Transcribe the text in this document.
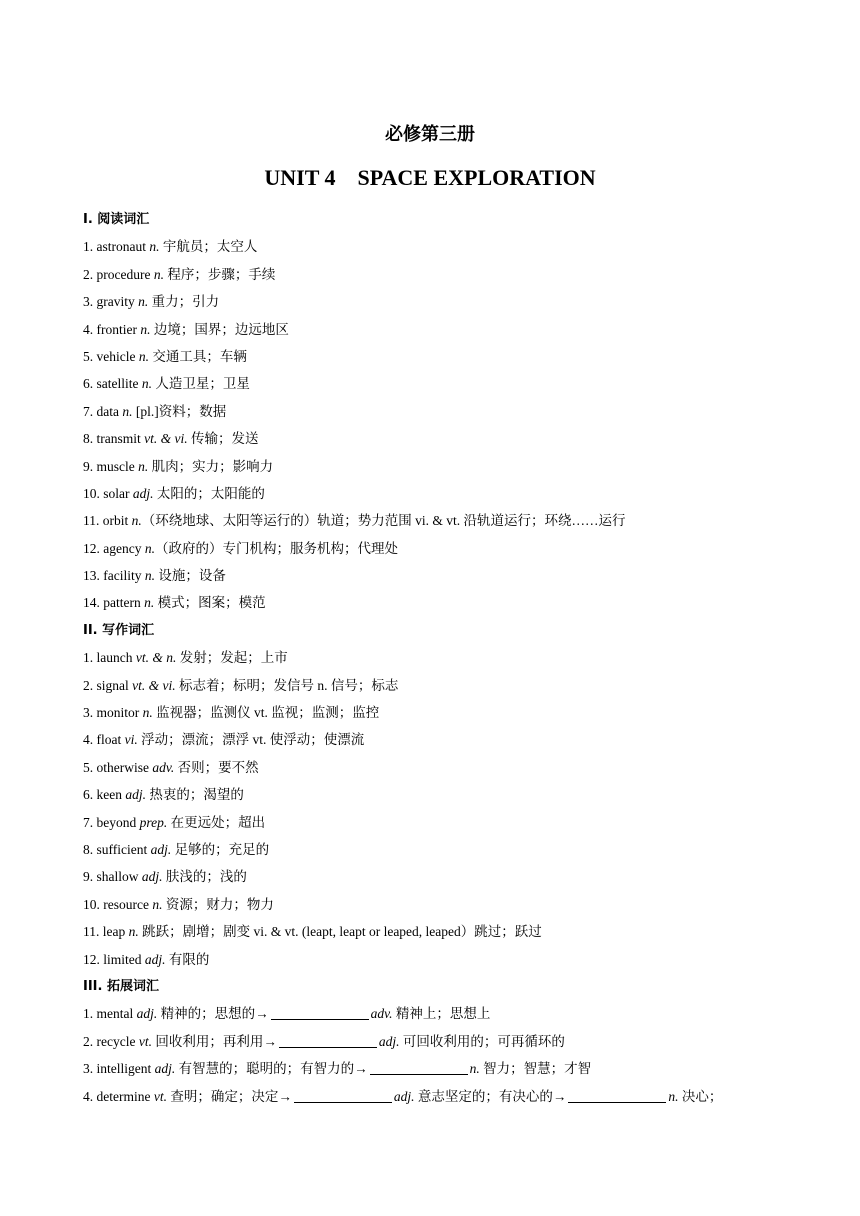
必修第三册
UNIT 4    SPACE EXPLORATION
I. 阅读词汇
1. astronaut n. 宇航员；太空人
2. procedure n. 程序；步骤；手续
3. gravity n. 重力；引力
4. frontier n. 边境；国界；边远地区
5. vehicle n. 交通工具；车辆
6. satellite n. 人造卫星；卫星
7. data n. [pl.]资料；数据
8. transmit vt. & vi. 传输；发送
9. muscle n. 肌肉；实力；影响力
10. solar adj. 太阳的；太阳能的
11. orbit n.（环绕地球、太阳等运行的）轨道；势力范围 vi. & vt. 沿轨道运行；环绕……运行
12. agency n.（政府的）专门机构；服务机构；代理处
13. facility n. 设施；设备
14. pattern n. 模式；图案；模范
II. 写作词汇
1. launch vt. & n. 发射；发起；上市
2. signal vt. & vi. 标志着；标明；发信号 n. 信号；标志
3. monitor n. 监视器；监测仪 vt. 监视；监测；监控
4. float vi. 浮动；漂流；漂浮 vt. 使浮动；使漂流
5. otherwise adv. 否则；要不然
6. keen adj. 热衷的；渴望的
7. beyond prep. 在更远处；超出
8. sufficient adj. 足够的；充足的
9. shallow adj. 肤浅的；浅的
10. resource n. 资源；财力；物力
11. leap n. 跳跃；剧增；剧变 vi. & vt. (leapt, leapt or leaped, leaped）跳过；跃过
12. limited adj. 有限的
III. 拓展词汇
1. mental adj. 精神的；思想的→	adv. 精神上；思想上
2. recycle vt. 回收利用；再利用→	adj. 可回收利用的；可再循环的
3. intelligent adj. 有智慧的；聪明的；有智力的→	n. 智力；智慧；才智
4. determine vt. 查明；确定；决定→	adj. 意志坚定的；有决心的→	n. 决心；
